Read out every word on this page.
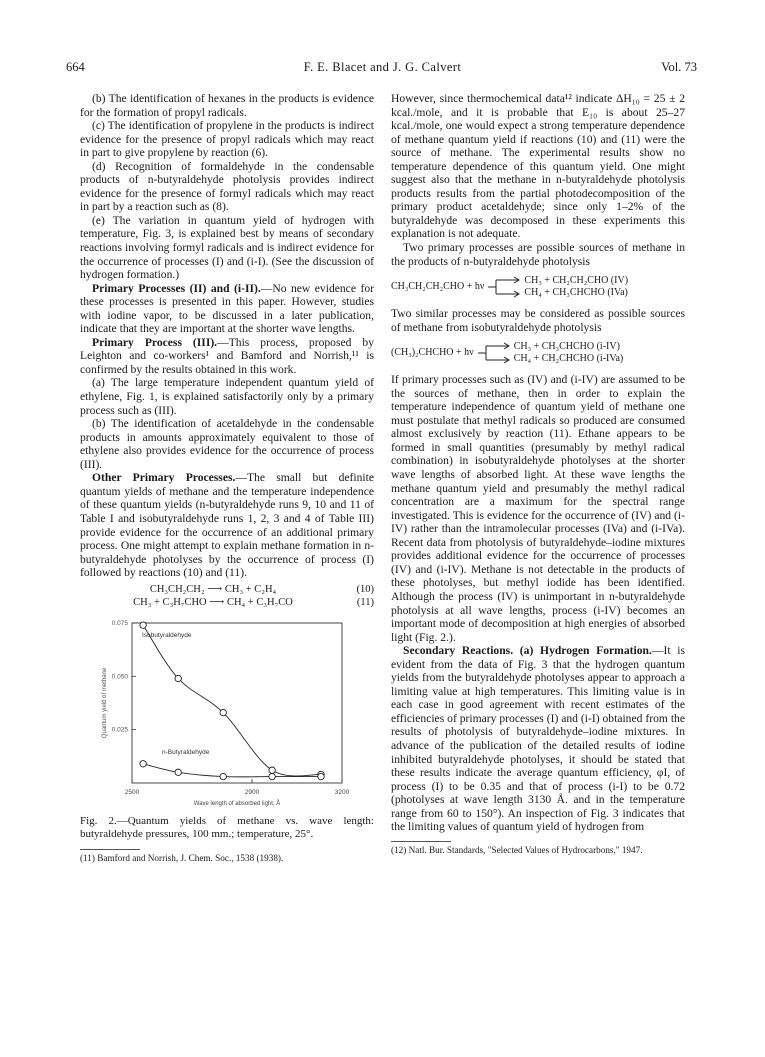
664	F. E. Blacet and J. G. Calvert	Vol. 73

(b) The identification of hexanes in the products is evidence for the formation of propyl radicals.

(c) The identification of propylene in the products is indirect evidence for the presence of propyl radicals which may react in part to give propylene by reaction (6).

(d) Recognition of formaldehyde in the condensable products of n-butyraldehyde photolysis provides indirect evidence for the presence of formyl radicals which may react in part by a reaction such as (8).

(e) The variation in quantum yield of hydrogen with temperature, Fig. 3, is explained best by means of secondary reactions involving formyl radicals and is indirect evidence for the occurrence of processes (I) and (i-I). (See the discussion of hydrogen formation.)

Primary Processes (II) and (i-II).—No new evidence for these processes is presented in this paper. However, studies with iodine vapor, to be discussed in a later publication, indicate that they are important at the shorter wave lengths.

Primary Process (III).—This process, proposed by Leighton and co-workers¹ and Bamford and Norrish,¹¹ is confirmed by the results obtained in this work.

(a) The large temperature independent quantum yield of ethylene, Fig. 1, is explained satisfactorily only by a primary process such as (III).

(b) The identification of acetaldehyde in the condensable products in amounts approximately equivalent to those of ethylene also provides evidence for the occurrence of process (III).

Other Primary Processes.—The small but definite quantum yields of methane and the temperature independence of these quantum yields (n-butyraldehyde runs 9, 10 and 11 of Table I and isobutyraldehyde runs 1, 2, 3 and 4 of Table III) provide evidence for the occurrence of an additional primary process. One might attempt to explain methane formation in n-butyraldehyde photolyses by the occurrence of process (I) followed by reactions (10) and (11).

CH₃CH₂CH₂ ⟶ CH₃ + C₂H₄	(10)
CH₃ + C₃H₇CHO ⟶ CH₄ + C₃H₇CO	(11)
2500	2900	3200
0.075
0.050
0.025
Wave length of absorbed light, Å
Quantum yield of methane
Isobutyraldehyde
n-Butyraldehyde

Fig. 2.—Quantum yields of methane vs. wave length: butyraldehyde pressures, 100 mm.; temperature, 25°.

(11) Bamford and Norrish, J. Chem. Soc., 1538 (1938).

However, since thermochemical data¹² indicate ΔH₁₀ = 25 ± 2 kcal./mole, and it is probable that E₁₀ is about 25–27 kcal./mole, one would expect a strong temperature dependence of methane quantum yield if reactions (10) and (11) were the source of methane. The experimental results show no temperature dependence of this quantum yield. One might suggest also that the methane in n-butyraldehyde photolysis products results from the partial photodecomposition of the primary product acetaldehyde; since only 1–2% of the butyraldehyde was decomposed in these experiments this explanation is not adequate.

Two primary processes are possible sources of methane in the products of n-butyraldehyde photolysis

CH₃CH₂CH₂CHO + hν
CH₃ + CH₂CH₂CHO (IV)
CH₄ + CH₃CHCHO (IVa)

Two similar processes may be considered as possible sources of methane from isobutyraldehyde photolysis

(CH₃)₂CHCHO + hν
CH₃ + CH₃CHCHO (i-IV)
CH₄ + CH₂CHCHO (i-IVa)

If primary processes such as (IV) and (i-IV) are assumed to be the sources of methane, then in order to explain the temperature independence of quantum yield of methane one must postulate that methyl radicals so produced are consumed almost exclusively by reaction (11). Ethane appears to be formed in small quantities (presumably by methyl radical combination) in isobutyraldehyde photolyses at the shorter wave lengths of absorbed light. At these wave lengths the methane quantum yield and presumably the methyl radical concentration are a maximum for the spectral range investigated. This is evidence for the occurrence of (IV) and (i-IV) rather than the intramolecular processes (IVa) and (i-IVa). Recent data from photolysis of butyraldehyde–iodine mixtures provides additional evidence for the occurrence of processes (IV) and (i-IV). Methane is not detectable in the products of these photolyses, but methyl iodide has been identified. Although the process (IV) is unimportant in n-butyraldehyde photolysis at all wave lengths, process (i-IV) becomes an important mode of decomposition at high energies of absorbed light (Fig. 2.).

Secondary Reactions. (a) Hydrogen Formation.—It is evident from the data of Fig. 3 that the hydrogen quantum yields from the butyraldehyde photolyses appear to approach a limiting value at high temperatures. This limiting value is in each case in good agreement with recent estimates of the efficiencies of primary processes (I) and (i-I) obtained from the results of photolysis of butyraldehyde–iodine mixtures. In advance of the publication of the detailed results of iodine inhibited butyraldehyde photolyses, it should be stated that these results indicate the average quantum efficiency, φI, of process (I) to be 0.35 and that of process (i-I) to be 0.72 (photolyses at wave length 3130 Å. and in the temperature range from 60 to 150°). An inspection of Fig. 3 indicates that the limiting values of quantum yield of hydrogen from

(12) Natl. Bur. Standards, "Selected Values of Hydrocarbons," 1947.
